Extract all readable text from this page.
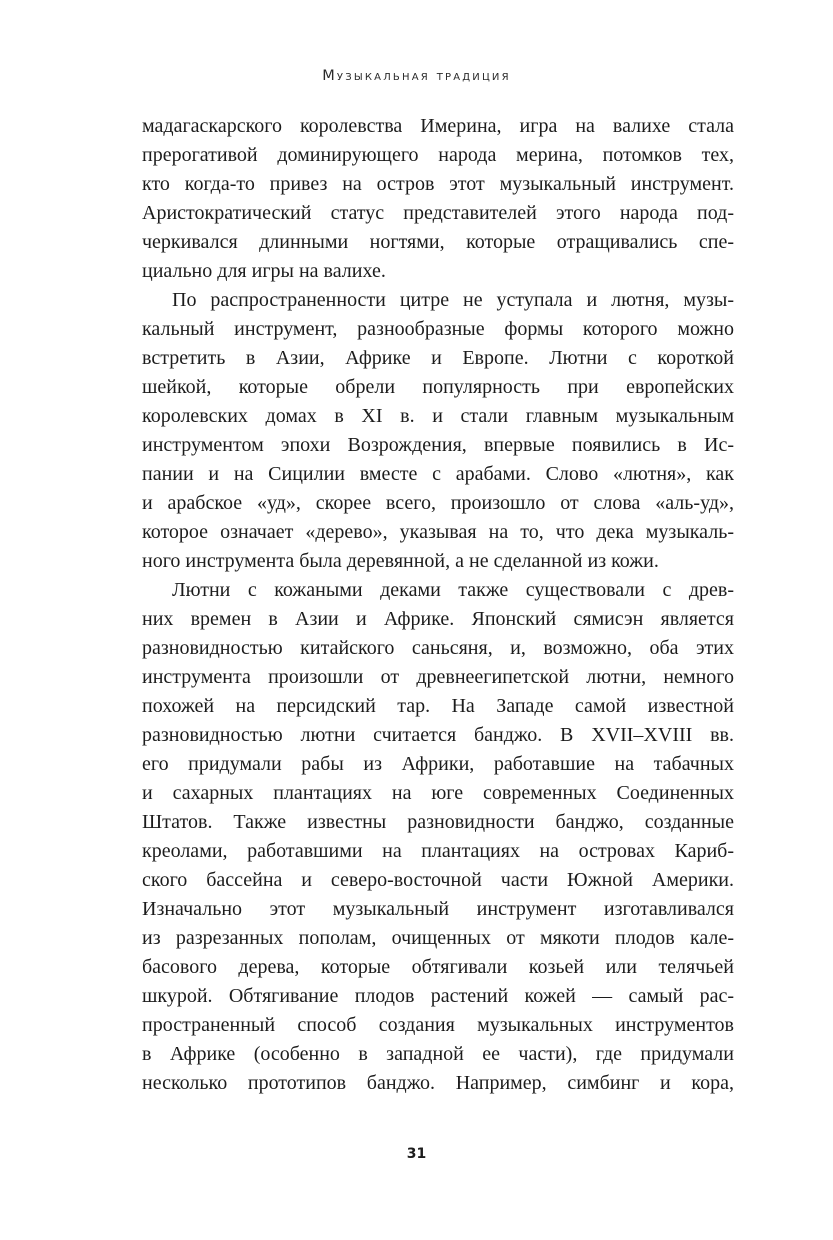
Музыкальная традиция
мадагаскарского королевства Имерина, игра на валихе стала
прерогативой доминирующего народа мерина, потомков тех,
кто когда-то привез на остров этот музыкальный инструмент.
Аристократический статус представителей этого народа под-
черкивался длинными ногтями, которые отращивались спе-
циально для игры на валихе.
По распространенности цитре не уступала и лютня, музы-
кальный инструмент, разнообразные формы которого можно
встретить в Азии, Африке и Европе. Лютни с короткой
шейкой, которые обрели популярность при европейских
королевских домах в XI в. и стали главным музыкальным
инструментом эпохи Возрождения, впервые появились в Ис-
пании и на Сицилии вместе с арабами. Слово «лютня», как
и арабское «уд», скорее всего, произошло от слова «аль-уд»,
которое означает «дерево», указывая на то, что дека музыкаль-
ного инструмента была деревянной, а не сделанной из кожи.
Лютни с кожаными деками также существовали с древ-
них времен в Азии и Африке. Японский сямисэн является
разновидностью китайского саньсяня, и, возможно, оба этих
инструмента произошли от древнеегипетской лютни, немного
похожей на персидский тар. На Западе самой известной
разновидностью лютни считается банджо. В XVII–XVIII вв.
его придумали рабы из Африки, работавшие на табачных
и сахарных плантациях на юге современных Соединенных
Штатов. Также известны разновидности банджо, созданные
креолами, работавшими на плантациях на островах Кариб-
ского бассейна и северо-восточной части Южной Америки.
Изначально этот музыкальный инструмент изготавливался
из разрезанных пополам, очищенных от мякоти плодов кале-
басового дерева, которые обтягивали козьей или телячьей
шкурой. Обтягивание плодов растений кожей — самый рас-
пространенный способ создания музыкальных инструментов
в Африке (особенно в западной ее части), где придумали
несколько прототипов банджо. Например, симбинг и кора,
31
